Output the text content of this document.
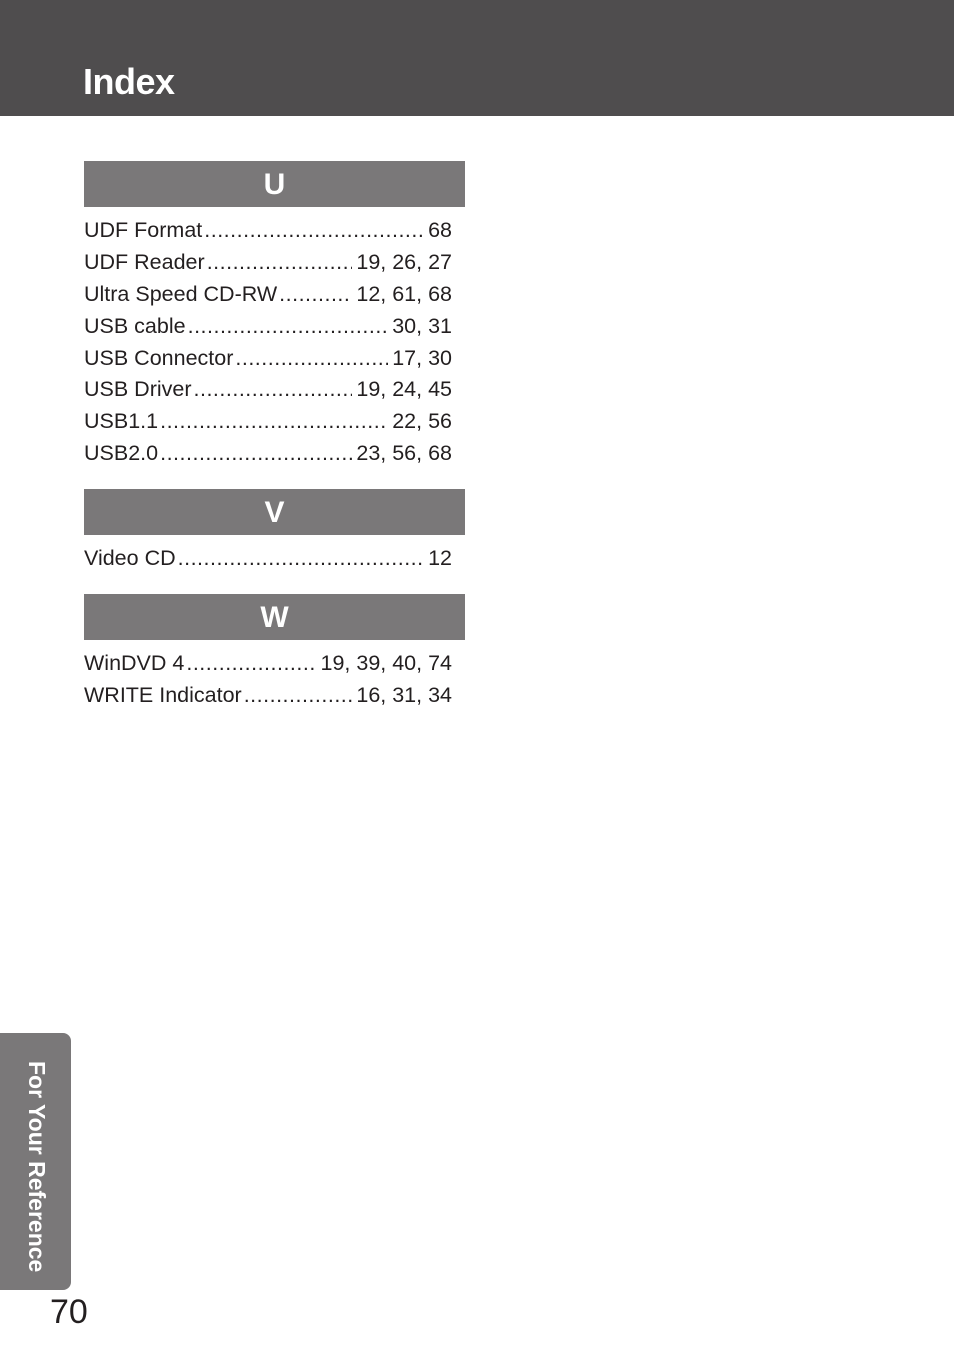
Index
U
UDF Format .....	68
UDF Reader .....	19, 26, 27
Ultra Speed CD-RW .....	12, 61, 68
USB cable .....	30, 31
USB Connector .....	17, 30
USB Driver .....	19, 24, 45
USB1.1 .....	22, 56
USB2.0 .....	23, 56, 68
V
Video CD .....	12
W
WinDVD 4 .....	19, 39, 40, 74
WRITE Indicator .....	16, 31, 34
For Your Reference
70
